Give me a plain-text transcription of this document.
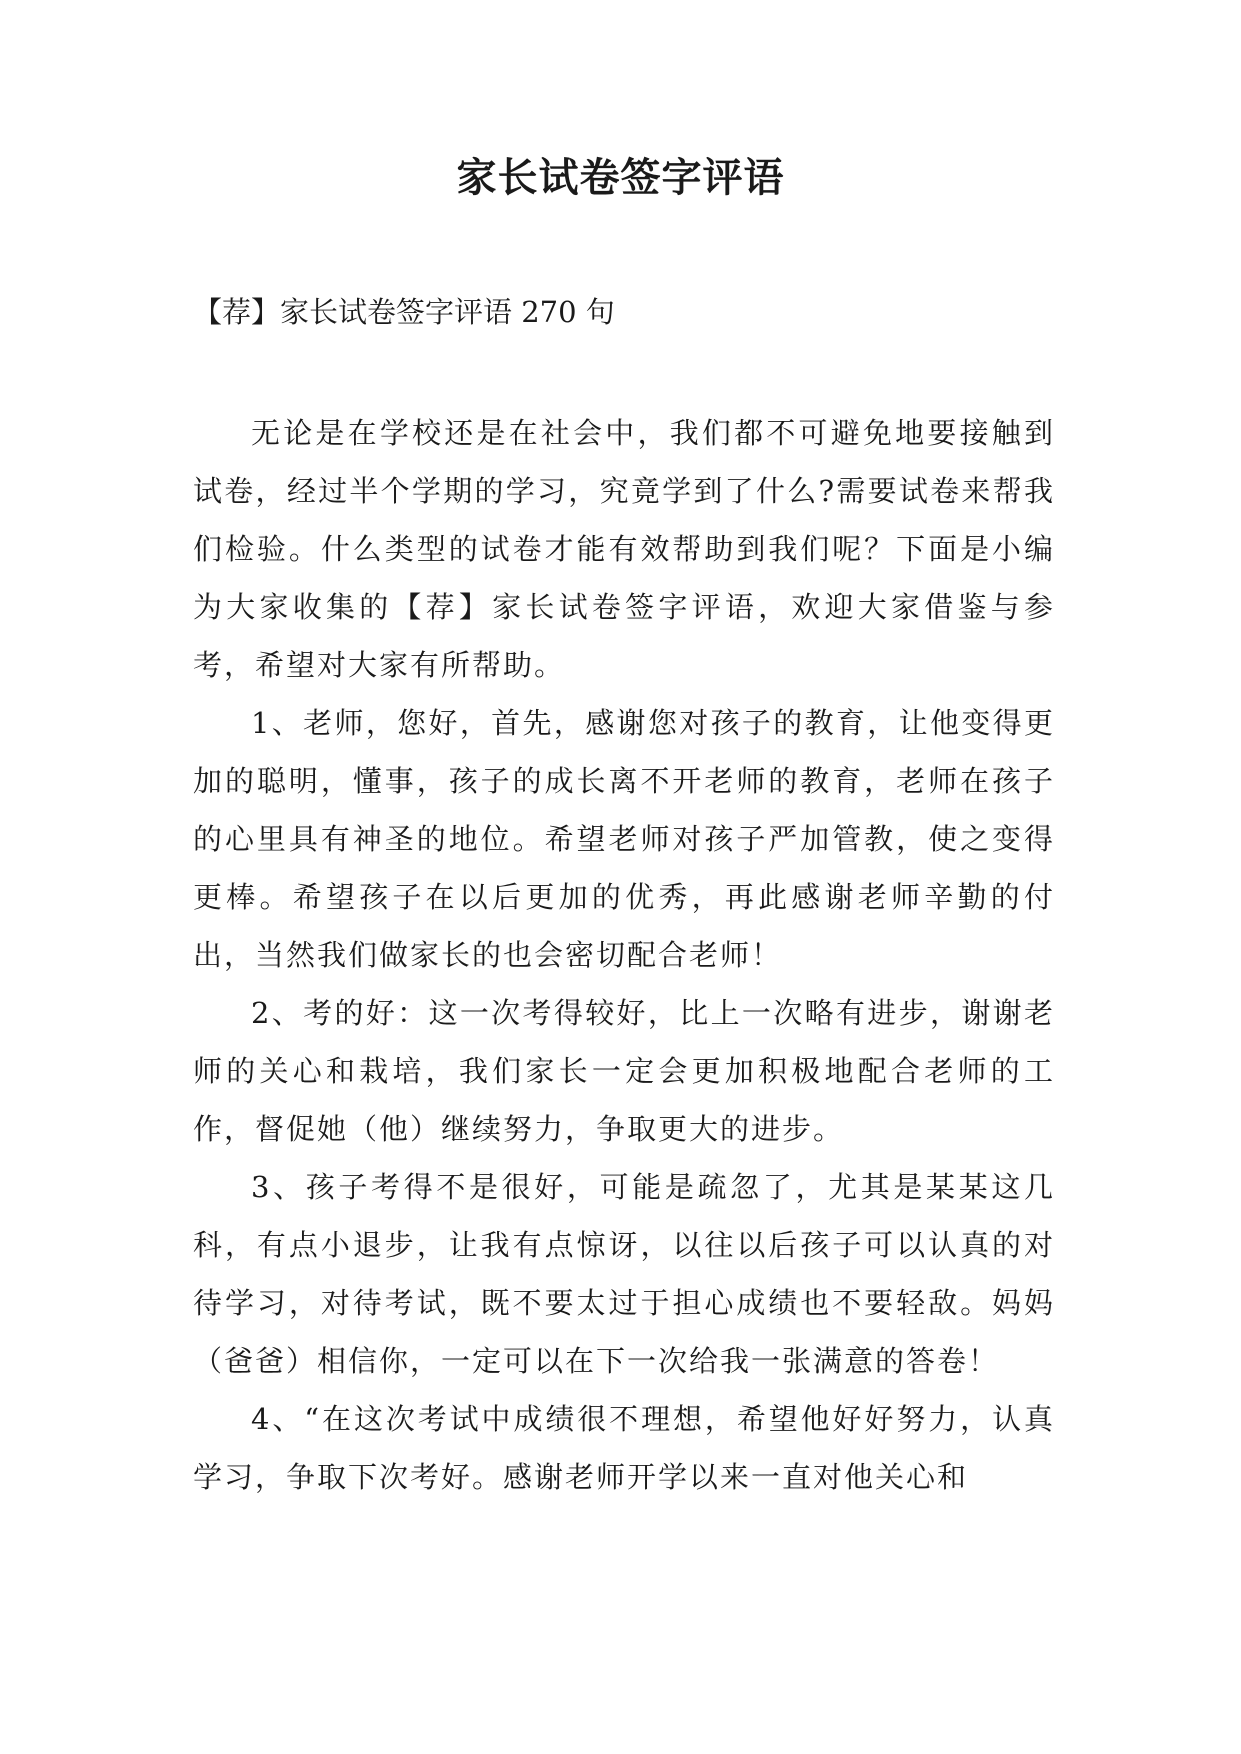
家长试卷签字评语

【荐】家长试卷签字评语 270 句

无论是在学校还是在社会中，我们都不可避免地要接触到试卷，经过半个学期的学习，究竟学到了什么?需要试卷来帮我们检验。什么类型的试卷才能有效帮助到我们呢？下面是小编为大家收集的【荐】家长试卷签字评语，欢迎大家借鉴与参考，希望对大家有所帮助。

1、老师，您好，首先，感谢您对孩子的教育，让他变得更加的聪明，懂事，孩子的成长离不开老师的教育，老师在孩子的心里具有神圣的地位。希望老师对孩子严加管教，使之变得更棒。希望孩子在以后更加的优秀，再此感谢老师辛勤的付出，当然我们做家长的也会密切配合老师！

2、考的好：这一次考得较好，比上一次略有进步，谢谢老师的关心和栽培，我们家长一定会更加积极地配合老师的工作，督促她（他）继续努力，争取更大的进步。

3、孩子考得不是很好，可能是疏忽了，尤其是某某这几科，有点小退步，让我有点惊讶，以往以后孩子可以认真的对待学习，对待考试，既不要太过于担心成绩也不要轻敌。妈妈（爸爸）相信你，一定可以在下一次给我一张满意的答卷！

4、“在这次考试中成绩很不理想，希望他好好努力，认真学习，争取下次考好。感谢老师开学以来一直对他关心和
